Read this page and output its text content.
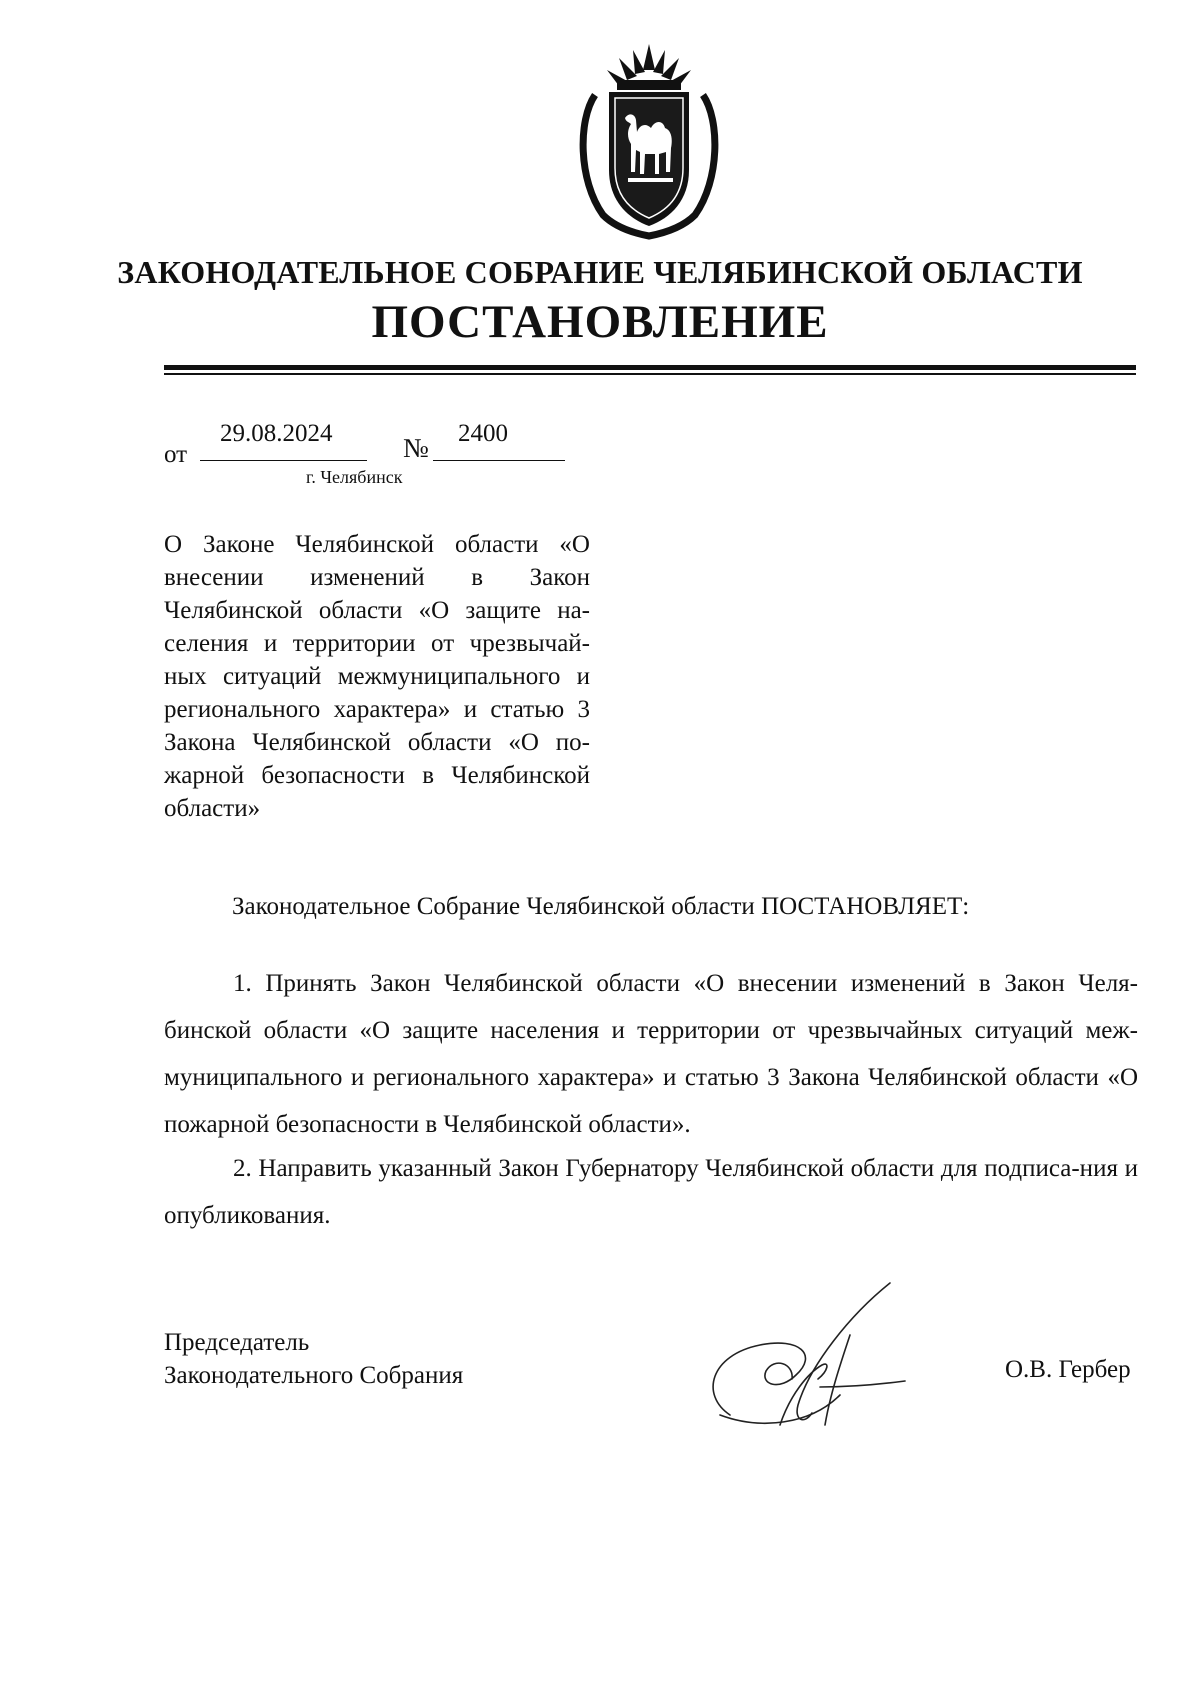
ЗАКОНОДАТЕЛЬНОЕ СОБРАНИЕ ЧЕЛЯБИНСКОЙ ОБЛАСТИ
ПОСТАНОВЛЕНИЕ
от
29.08.2024	№ 2400
г. Челябинск
О Законе Челябинской области «О внесении изменений в Закон Челябинской области «О защите на-селения и территории от чрезвычай-ных ситуаций межмуниципального и регионального характера» и статью 3 Закона Челябинской области «О по-жарной безопасности в Челябинской области»
Законодательное Собрание Челябинской области ПОСТАНОВЛЯЕТ:
1. Принять Закон Челябинской области «О внесении изменений в Закон Челя-бинской области «О защите населения и территории от чрезвычайных ситуаций меж-муниципального и регионального характера» и статью 3 Закона Челябинской области «О пожарной безопасности в Челябинской области».
2. Направить указанный Закон Губернатору Челябинской области для подписа-ния и опубликования.
Председатель
Законодательного Собрания	О.В. Гербер
